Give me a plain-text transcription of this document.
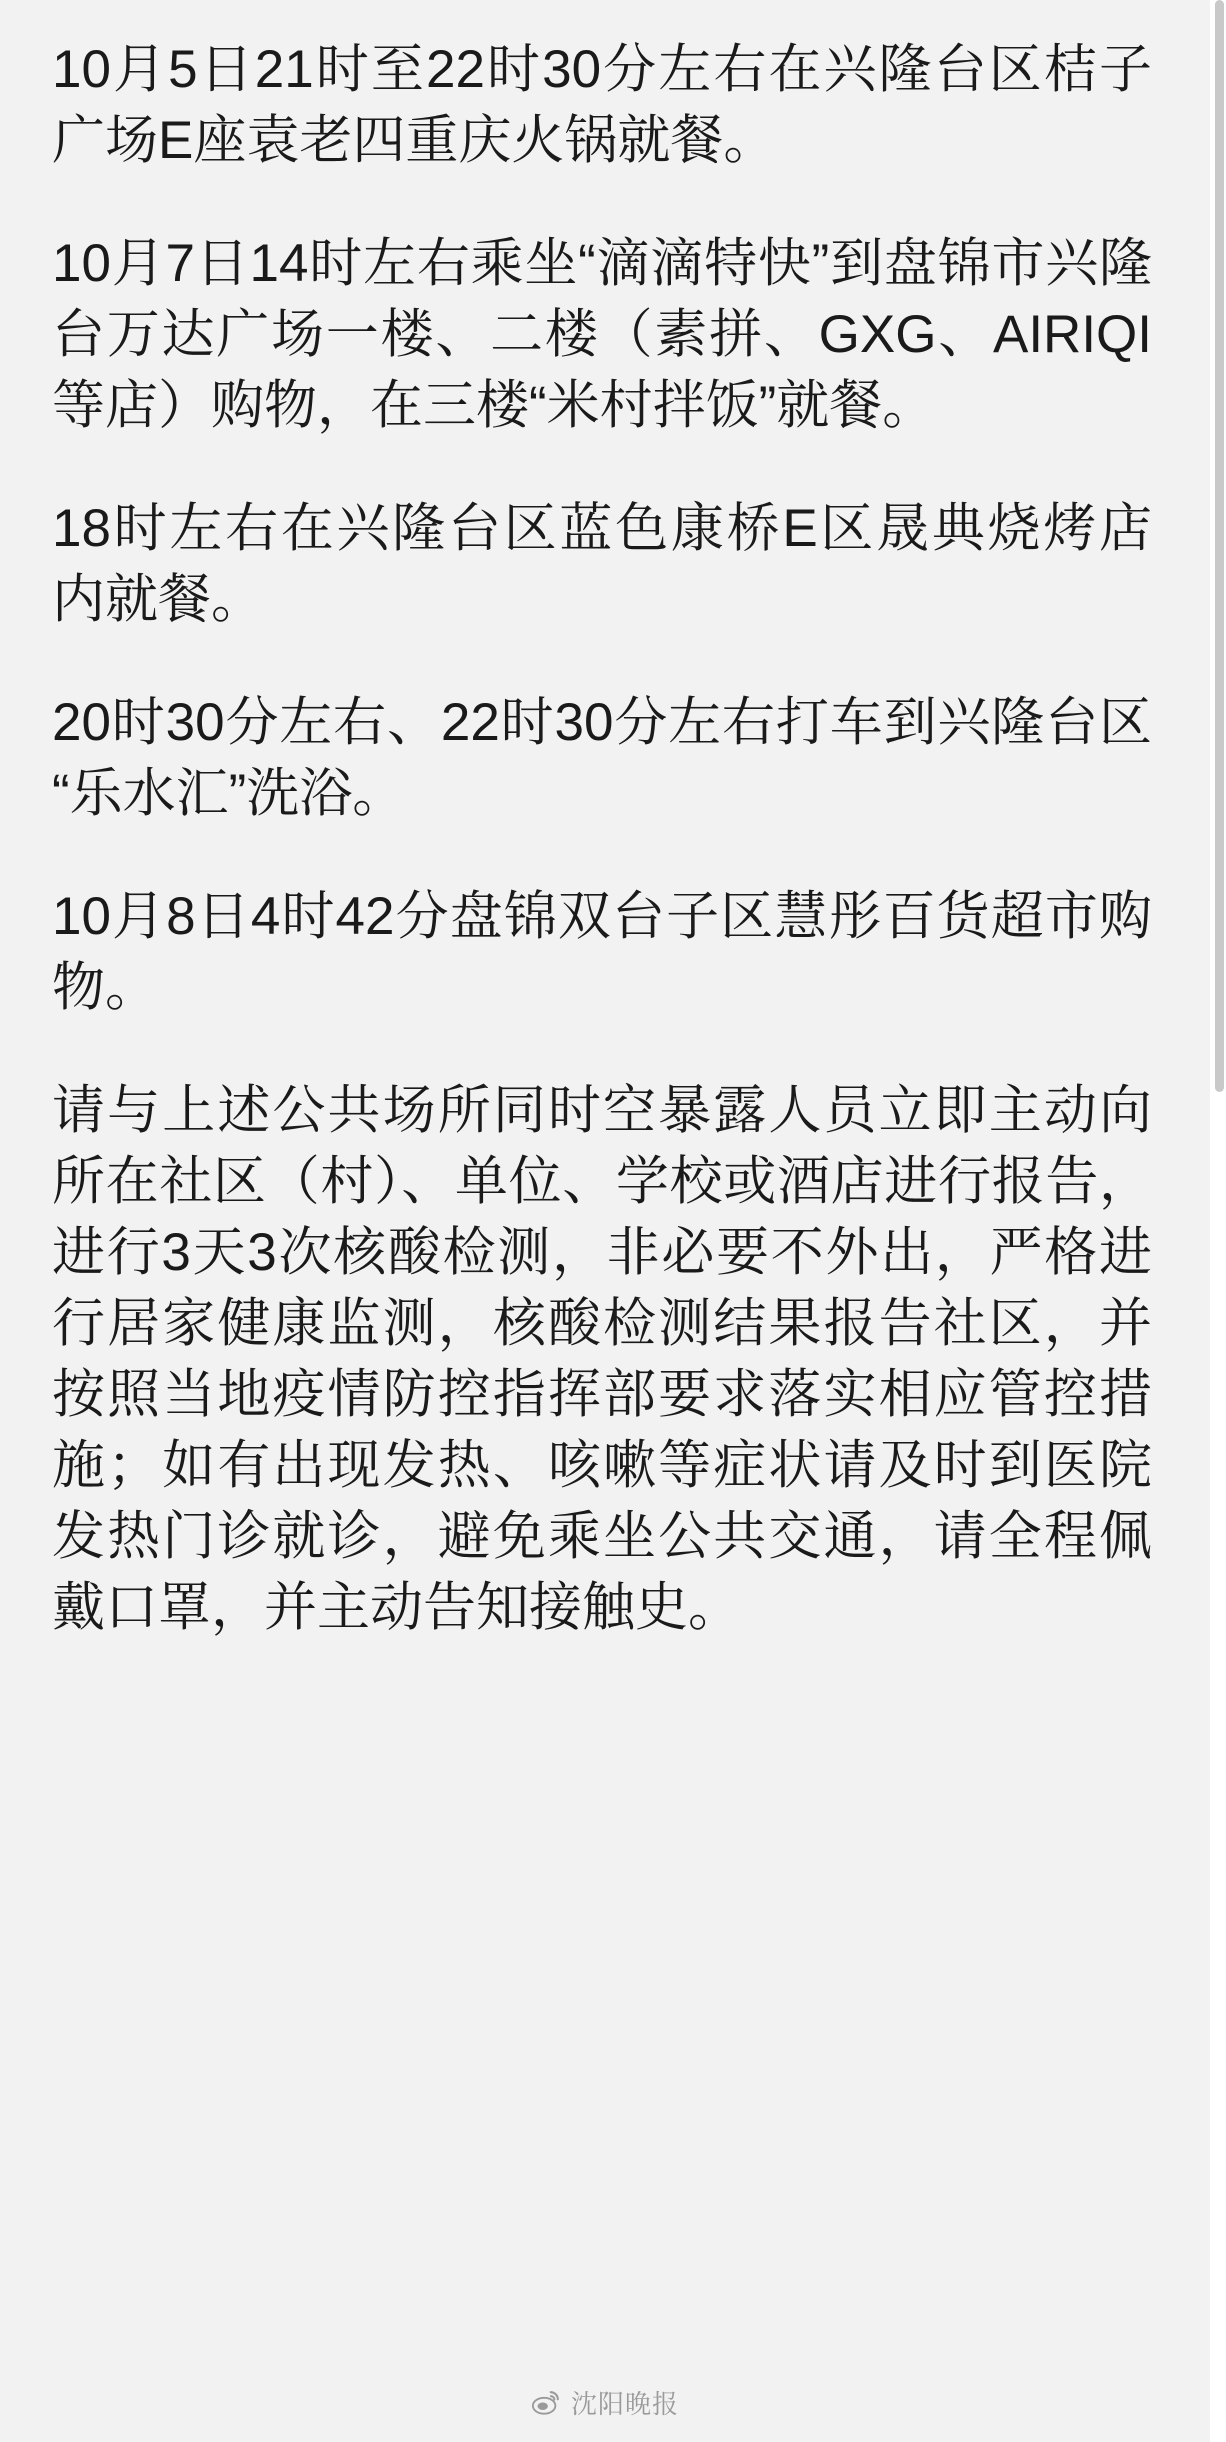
10月5日21时至22时30分左右在兴隆台区桔子广场E座袁老四重庆火锅就餐。

10月7日14时左右乘坐“滴滴特快”到盘锦市兴隆台万达广场一楼、二楼（素拼、GXG、AIRIQI等店）购物，在三楼“米村拌饭”就餐。

18时左右在兴隆台区蓝色康桥E区晟典烧烤店内就餐。

20时30分左右、22时30分左右打车到兴隆台区“乐水汇”洗浴。

10月8日4时42分盘锦双台子区慧彤百货超市购物。

请与上述公共场所同时空暴露人员立即主动向所在社区（村）、单位、学校或酒店进行报告，进行3天3次核酸检测，非必要不外出，严格进行居家健康监测，核酸检测结果报告社区，并按照当地疫情防控指挥部要求落实相应管控措施；如有出现发热、咳嗽等症状请及时到医院发热门诊就诊，避免乘坐公共交通，请全程佩戴口罩，并主动告知接触史。

沈阳晚报
